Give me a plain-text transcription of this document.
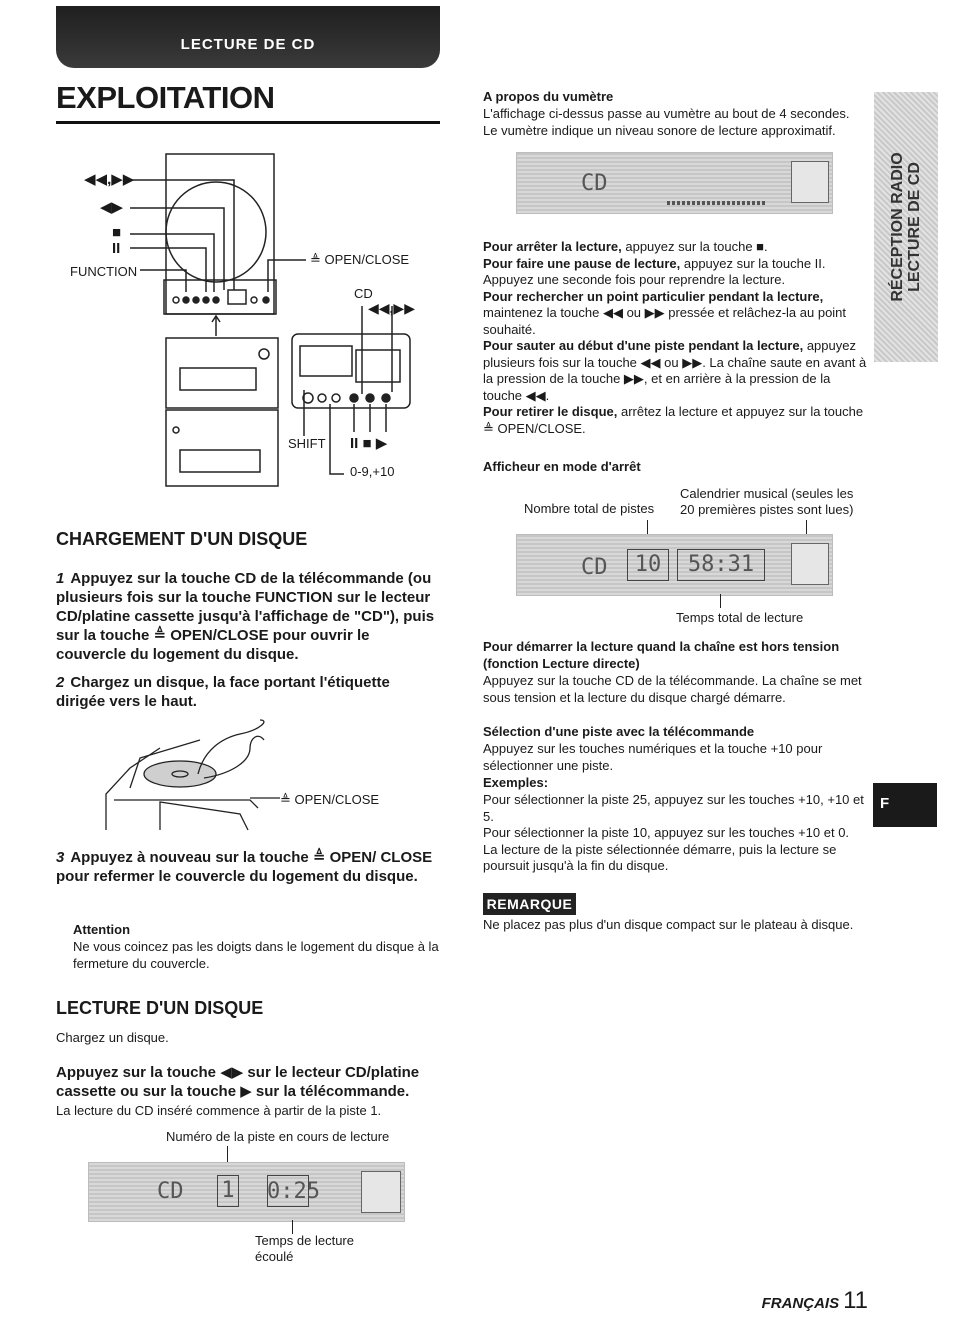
LECTURE DE CD
EXPLOITATION
◀◀,▶▶
◀▶
■
II
FUNCTION
≜ OPEN/CLOSE
CD
◀◀,▶▶
SHIFT II ■ ▶
0-9,+10
CHARGEMENT D'UN DISQUE
1 Appuyez sur la touche CD de la télécommande (ou plusieurs fois sur la touche FUNCTION sur le lecteur CD/platine cassette jusqu'à l'affichage de "CD"), puis sur la touche ≜ OPEN/CLOSE pour ouvrir le couvercle du logement du disque.
2 Chargez un disque, la face portant l'étiquette dirigée vers le haut.
≜ OPEN/CLOSE
3 Appuyez à nouveau sur la touche ≜ OPEN/ CLOSE pour refermer le couvercle du logement du disque.
Attention
Ne vous coincez pas les doigts dans le logement du disque à la fermeture du couvercle.
LECTURE D'UN DISQUE
Chargez un disque.
Appuyez sur la touche ◀▶ sur le lecteur CD/platine cassette ou sur la touche ▶ sur la télécommande.
La lecture du CD inséré commence à partir de la piste 1.
Numéro de la piste en cours de lecture
CD 1 0:25
Temps de lecture écoulé
A propos du vumètre
L'affichage ci-dessus passe au vumètre au bout de 4 secondes. Le vumètre indique un niveau sonore de lecture approximatif.
CD
Pour arrêter la lecture, appuyez sur la touche ■.
Pour faire une pause de lecture, appuyez sur la touche II. Appuyez une seconde fois pour reprendre la lecture.
Pour rechercher un point particulier pendant la lecture, maintenez la touche ◀◀ ou ▶▶ pressée et relâchez-la au point souhaité.
Pour sauter au début d'une piste pendant la lecture, appuyez plusieurs fois sur la touche ◀◀ ou ▶▶. La chaîne saute en avant à la pression de la touche ▶▶, et en arrière à la pression de la touche ◀◀.
Pour retirer le disque, arrêtez la lecture et appuyez sur la touche ≜ OPEN/CLOSE.
Afficheur en mode d'arrêt
Calendrier musical (seules les 20 premières pistes sont lues)
Nombre total de pistes
CD	10	58:31
Temps total de lecture
Pour démarrer la lecture quand la chaîne est hors tension (fonction Lecture directe)
Appuyez sur la touche CD de la télécommande. La chaîne se met sous tension et la lecture du disque chargé démarre.
Sélection d'une piste avec la télécommande
Appuyez sur les touches numériques et la touche +10 pour sélectionner une piste.
Exemples:
Pour sélectionner la piste 25, appuyez sur les touches +10, +10 et 5.
Pour sélectionner la piste 10, appuyez sur les touches +10 et 0. La lecture de la piste sélectionnée démarre, puis la lecture se poursuit jusqu'à la fin du disque.
REMARQUE
Ne placez pas plus d'un disque compact sur le plateau à disque.
RÉCEPTION RADIO LECTURE DE CD
F
FRANÇAIS 11
